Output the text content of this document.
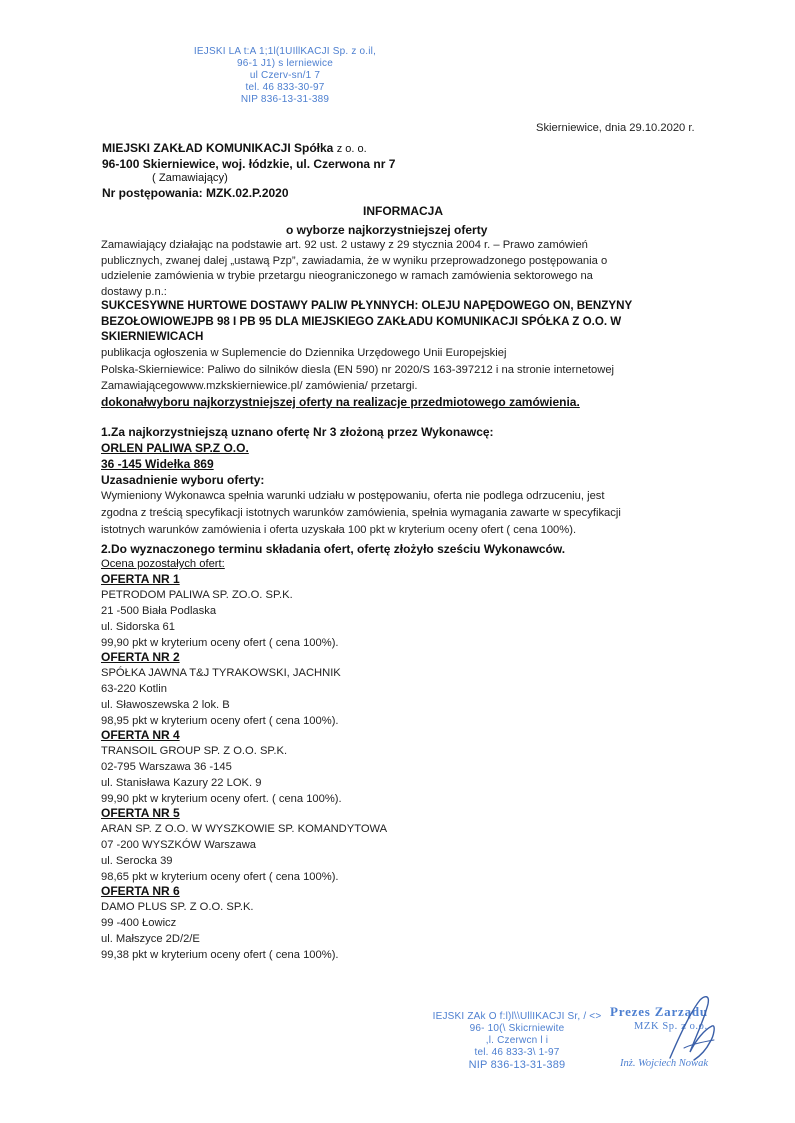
IEJSKI LA t:A 1;1l(1UIllKACJI Sp. z o.il,
96-1 J1) s lerniewice
ul Czerv-sn/1 7
tel. 46 833-30-97
NIP 836-13-31-389
Skierniewice, dnia 29.10.2020 r.
MIEJSKI ZAKŁAD KOMUNIKACJI Spółka z o. o.
96-100 Skierniewice, woj. łódzkie, ul. Czerwona nr 7
( Zamawiający)
Nr postępowania: MZK.02.P.2020
INFORMACJA
o wyborze najkorzystniejszej oferty
Zamawiający działając na podstawie art. 92 ust. 2 ustawy z 29 stycznia 2004 r. – Prawo zamówień
publicznych, zwanej dalej „ustawą Pzp”, zawiadamia, że w wyniku przeprowadzonego postępowania o
udzielenie zamówienia w trybie przetargu nieograniczonego w ramach zamówienia sektorowego na
dostawy p.n.:
SUKCESYWNE HURTOWE DOSTAWY PALIW PŁYNNYCH: OLEJU NAPĘDOWEGO ON, BENZYNY
BEZOŁOWIOWEJPB 98 I PB 95 DLA MIEJSKIEGO ZAKŁADU KOMUNIKACJI SPÓŁKA Z O.O. W
SKIERNIEWICACH
publikacja ogłoszenia w Suplemencie do Dziennika Urzędowego Unii Europejskiej
Polska-Skierniewice: Paliwo do silników diesla (EN 590) nr 2020/S 163-397212 i na stronie internetowej
Zamawiającegowww.mzkskierniewice.pl/ zamówienia/ przetargi.
dokonałwyboru najkorzystniejszej oferty na realizacje przedmiotowego zamówienia.
1.Za najkorzystniejszą uznano ofertę Nr 3 złożoną przez Wykonawcę:
ORLEN PALIWA SP.Z O.O.
36 -145 Widełka 869
Uzasadnienie wyboru oferty:
Wymieniony Wykonawca spełnia warunki udziału w postępowaniu, oferta nie podlega odrzuceniu, jest
zgodna z treścią specyfikacji istotnych warunków zamówienia, spełnia wymagania zawarte w specyfikacji
istotnych warunków zamówienia i oferta uzyskała 100 pkt w kryterium oceny ofert ( cena 100%).
2.Do wyznaczonego terminu składania ofert, ofertę złożyło sześciu Wykonawców.
Ocena pozostałych ofert:
OFERTA NR 1
PETRODOM PALIWA SP. ZO.O. SP.K.
21 -500 Biała Podlaska
ul. Sidorska 61
99,90 pkt w kryterium oceny ofert ( cena 100%).
OFERTA NR 2
SPÓŁKA JAWNA T&J TYRAKOWSKI, JACHNIK
63-220 Kotlin
ul. Sławoszewska 2 lok. B
98,95 pkt w kryterium oceny ofert ( cena 100%).
OFERTA NR 4
TRANSOIL GROUP SP. Z O.O. SP.K.
02-795 Warszawa 36 -145
ul. Stanisława Kazury 22 LOK. 9
99,90 pkt w kryterium oceny ofert. ( cena 100%).
OFERTA NR 5
ARAN SP. Z O.O. W WYSZKOWIE SP. KOMANDYTOWA
07 -200 WYSZKÓW Warszawa
ul. Serocka 39
98,65 pkt w kryterium oceny ofert ( cena 100%).
OFERTA NR 6
DAMO PLUS SP. Z O.O. SP.K.
99 -400 Łowicz
ul. Małszyce 2D/2/E
99,38 pkt w kryterium oceny ofert ( cena 100%).
IEJSKI ZAk O f:l)l\\UllIKACJI Sr, / <>
96- 10(\ Skicrniewite
,l. Czerwcn l i
tel. 46 833-3\ 1-97
NIP 836-13-31-389
Prezes Zarządu
MZK Sp. z o.o.
Inż. Wojciech Nowak
